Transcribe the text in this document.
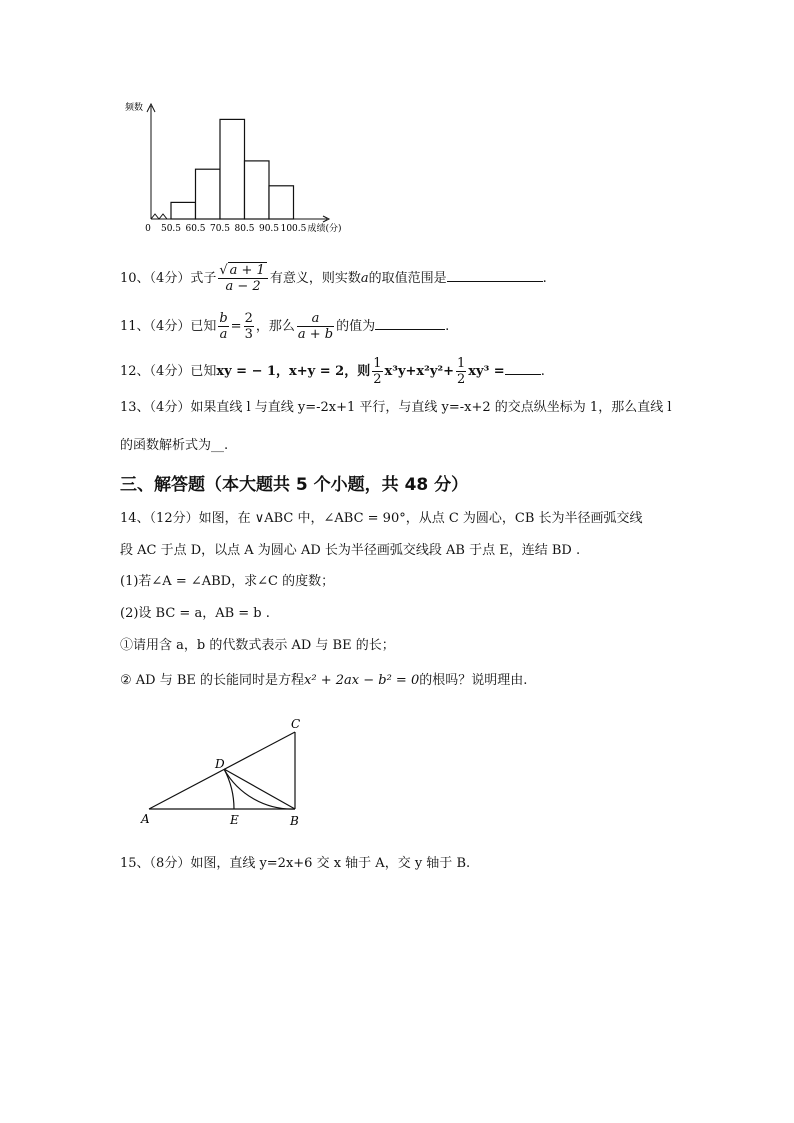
频数
0 50.5 60.5 70.5 80.5 90.5 100.5 成绩(分)
10、（4分）式子 $\frac{√ a + 1}{a - 2}$ 有意义，则实数a的取值范围是	.
11、（4分）已知 $\frac{b}{a} = \frac{2}{3}$ ，那么 $\frac{a}{a + b}$ 的值为	.
12、（4分）已知xy = − 1，x+y = 2，则 $\frac{1}{2} x^3y+x^2y^2+ \frac{1}{2} xy^3$ =	.
13、（4分）如果直线 l 与直线 y=-2x+1 平行，与直线 y=-x+2 的交点纵坐标为 1，那么直线 l
的函数解析式为__.
三、解答题（本大题共 5 个小题，共 48 分）
14、（12分）如图，在 ∨ABC 中，∠ABC = 90°，从点 C 为圆心，CB 长为半径画弧交线
段 AC 于点 D，以点 A 为圆心 AD 长为半径画弧交线段 AB 于点 E，连结 BD .
(1)若∠A = ∠ABD，求∠C 的度数；
(2)设 BC = a，AB = b .
①请用含 a，b 的代数式表示 AD 与 BE 的长；
② AD 与 BE 的长能同时是方程x² + 2ax − b² = 0的根吗？说明理由.
A	E	B
C
D
15、（8分）如图，直线 y=2x+6 交 x 轴于 A，交 y 轴于 B.
